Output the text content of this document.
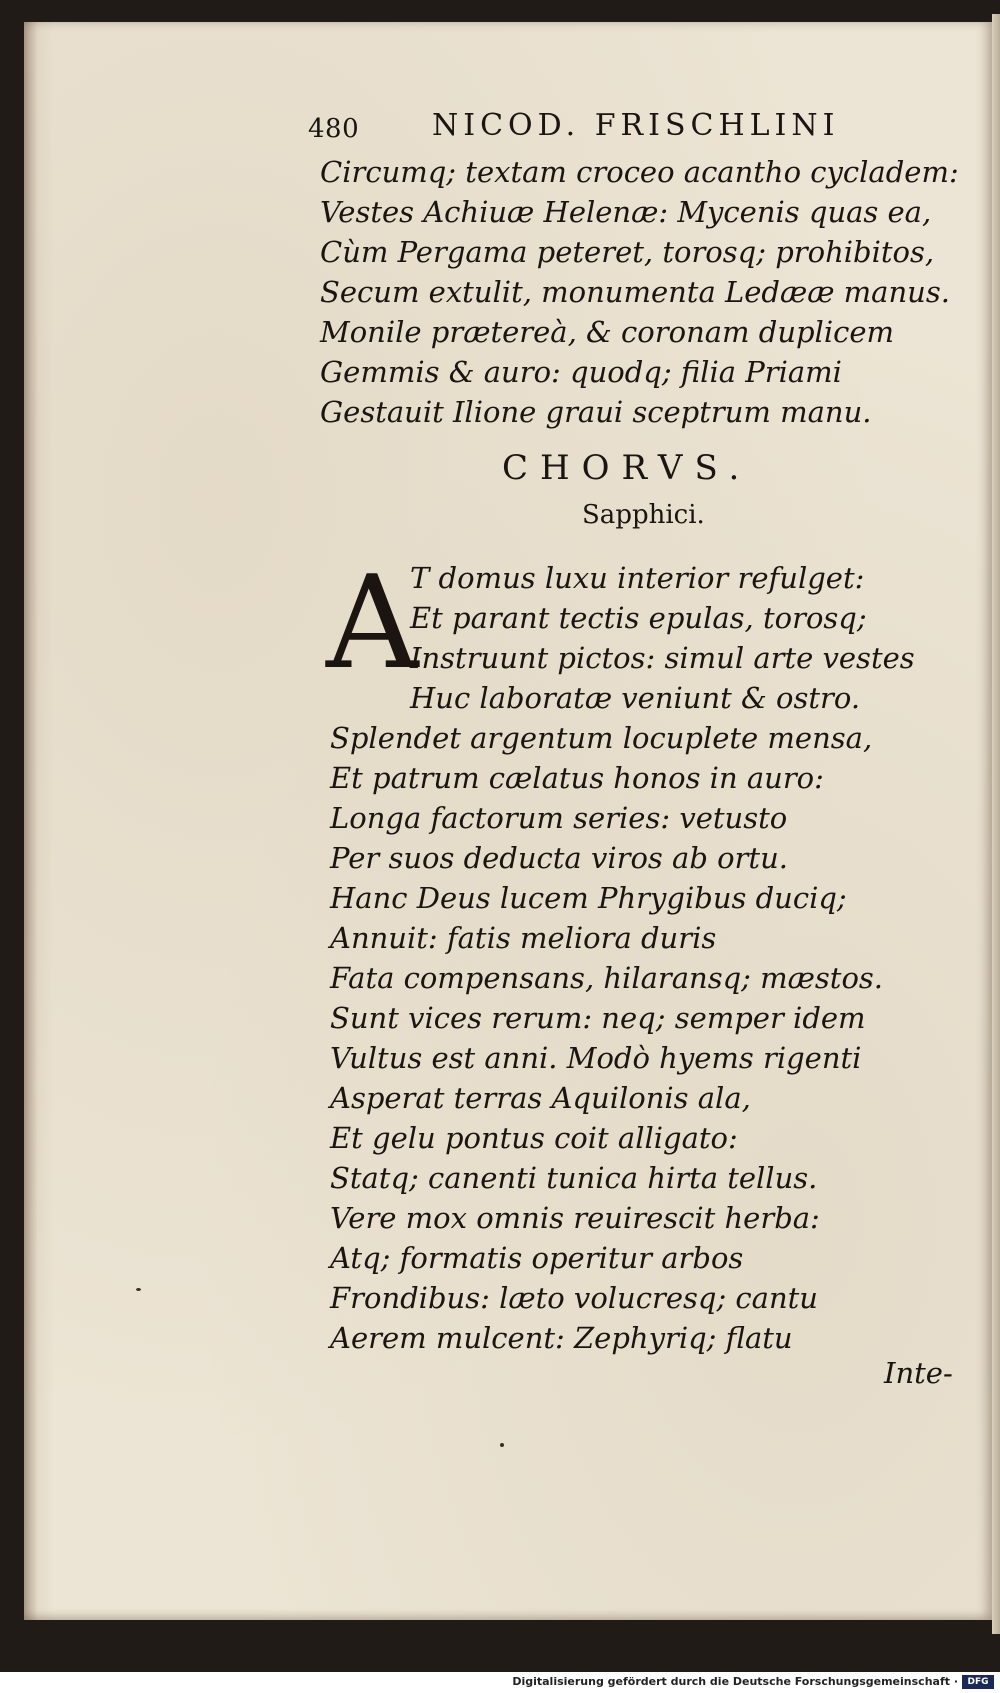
480 NICOD. FRISCHLINI
Circumq; textam croceo acantho cycladem:
Vestes Achiuæ Helenæ: Mycenis quas ea,
Cùm Pergama peteret, torosq; prohibitos,
Secum extulit, monumenta Ledææ manus.
Monile prætereà, & coronam duplicem
Gemmis & auro: quodq; filia Priami
Gestauit Ilione graui sceptrum manu.
CHORVS.
Sapphici.
A
T domus luxu interior refulget:
Et parant tectis epulas, torosq;
Instruunt pictos: simul arte vestes
Huc laboratæ veniunt & ostro.
Splendet argentum locuplete mensa,
Et patrum cælatus honos in auro:
Longa factorum series: vetusto
Per suos deducta viros ab ortu.
Hanc Deus lucem Phrygibus duciq;
Annuit: fatis meliora duris
Fata compensans, hilaransq; mæstos.
Sunt vices rerum: neq; semper idem
Vultus est anni. Modò hyems rigenti
Asperat terras Aquilonis ala,
Et gelu pontus coit alligato:
Statq; canenti tunica hirta tellus.
Vere mox omnis reuirescit herba:
Atq; formatis operitur arbos
Frondibus: læto volucresq; cantu
Aerem mulcent: Zephyriq; flatu
Inte-
Digitalisierung gefördert durch die Deutsche Forschungsgemeinschaft ·	DFG
